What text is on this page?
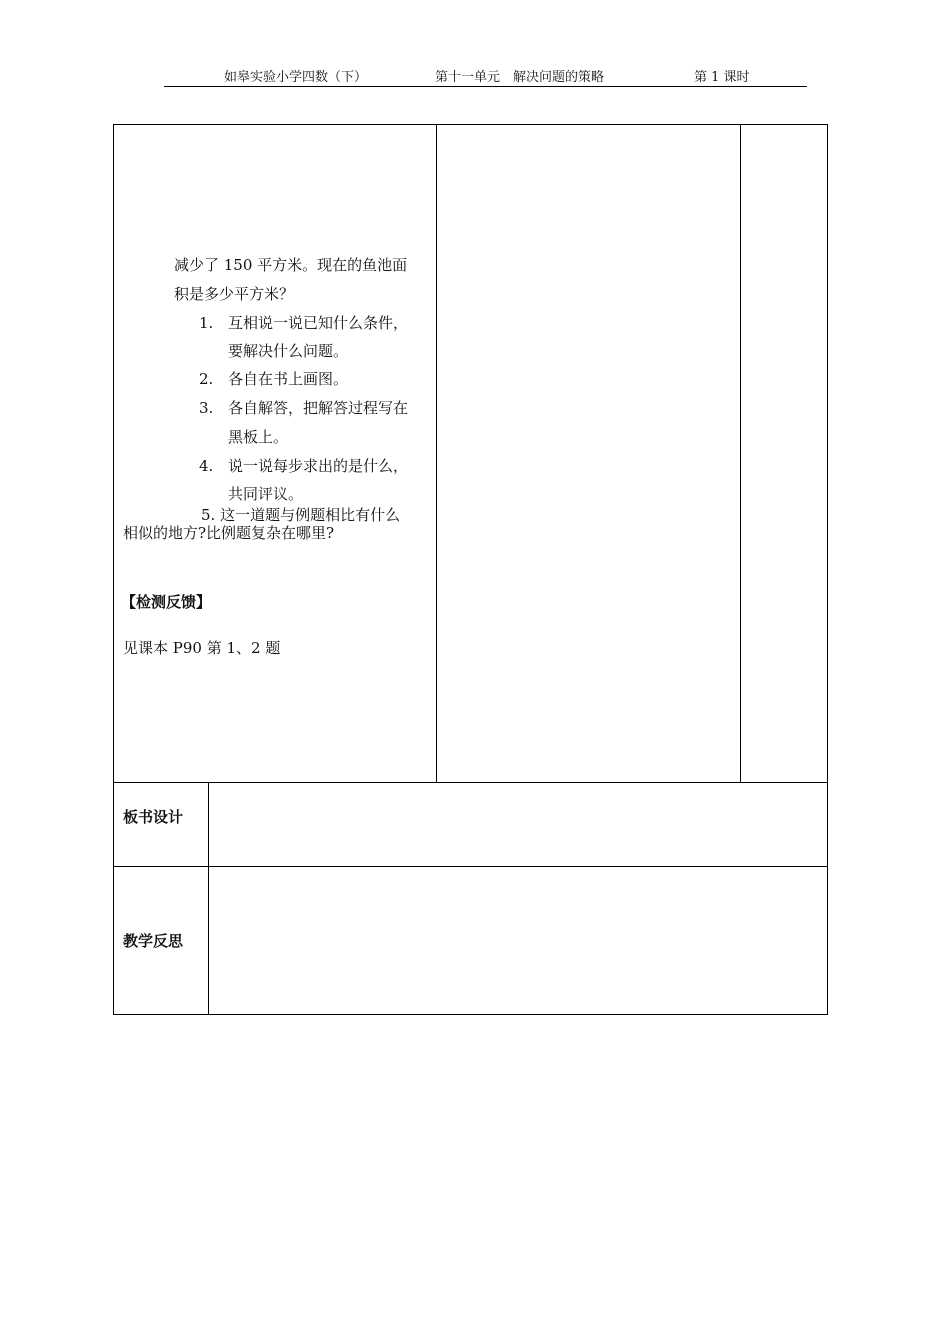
如皋实验小学四数（下）	第十一单元　解决问题的策略	第 1 课时
减少了 150 平方米。现在的鱼池面
积是多少平方米？
1. 互相说一说已知什么条件，
要解决什么问题。
2. 各自在书上画图。
3. 各自解答，把解答过程写在
黑板上。
4. 说一说每步求出的是什么，
共同评议。
5. 这一道题与例题相比有什么
相似的地方?比例题复杂在哪里?
【检测反馈】
见课本 P90 第 1、2 题
板书设计
教学反思
